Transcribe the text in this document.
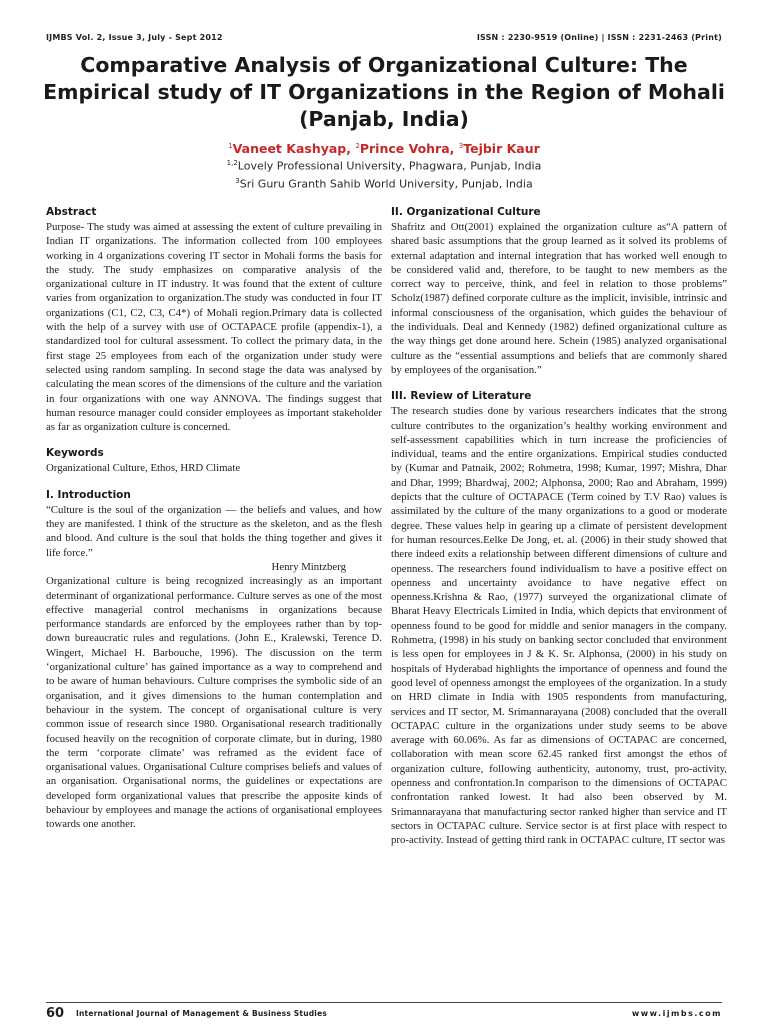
IJMBS Vol. 2, Issue 3, July - Sept 2012	ISSN : 2230-9519 (Online) | ISSN : 2231-2463 (Print)
Comparative Analysis of Organizational Culture: The Empirical study of IT Organizations in the Region of Mohali (Panjab, India)
$^1$Vaneet Kashyap, $^2$Prince Vohra, $^3$Tejbir Kaur
$^{1,2}$Lovely Professional University, Phagwara, Punjab, India
$^3$Sri Guru Granth Sahib World University, Punjab, India
Abstract

Purpose- The study was aimed at assessing the extent of culture prevailing in Indian IT organizations. The information collected from 100 employees working in 4 organizations covering IT sector in Mohali forms the basis for the study. The study emphasizes on comparative analysis of the organizational culture in IT industry. It was found that the extent of culture varies from organization to organization.The study was conducted in four IT organizations (C1, C2, C3, C4*) of Mohali region.Primary data is collected with the help of a survey with use of OCTAPACE profile (appendix-1), a standardized tool for cultural assessment. To collect the primary data, in the first stage 25 employees from each of the organization under study were selected using random sampling. In second stage the data was analysed by calculating the mean scores of the dimensions of the culture and the variation in four organizations with one way ANNOVA. The findings suggest that human resource manager could consider employees as important stakeholder as far as organization culture is concerned.

Keywords

Organizational Culture, Ethos, HRD Climate

I. Introduction

“Culture is the soul of the organization — the beliefs and values, and how they are manifested. I think of the structure as the skeleton, and as the flesh and blood. And culture is the soul that holds the thing together and gives it life force.”

Henry Mintzberg

Organizational culture is being recognized increasingly as an important determinant of organizational performance. Culture serves as one of the most effective managerial control mechanisms in organizations because performance standards are enforced by the employees rather than by top-down bureaucratic rules and regulations. (John E., Kralewski, Terence D. Wingert, Michael H. Barbouche, 1996). The discussion on the term ‘organizational culture’ has gained importance as a way to comprehend and to be aware of human behaviours. Culture comprises the symbolic side of an organisation, and it gives dimensions to the human contemplation and behaviour in the system. The concept of organisational culture is very common issue of research since 1980. Organisational research traditionally focused heavily on the recognition of corporate climate, but in during, 1980 the term ‘corporate climate’ was reframed as the evident face of organisational values. Organisational Culture comprises beliefs and values of an organisation. Organisational norms, the guidelines or expectations are developed form organizational values that prescribe the apposite kinds of behaviour by employees and manage the actions of organisational employees towards one another.

II. Organizational Culture

Shafritz and Ott(2001) explained the organization culture as“A pattern of shared basic assumptions that the group learned as it solved its problems of external adaptation and internal integration that has worked well enough to be considered valid and, therefore, to be taught to new members as the correct way to perceive, think, and feel in relation to those problems” Scholz(1987) defined corporate culture as the implicit, invisible, intrinsic and informal consciousness of the organisation, which guides the behaviour of the individuals. Deal and Kennedy (1982) defined organizational culture as the way things get done around here. Schein (1985) analyzed organisational culture as the “essential assumptions and beliefs that are commonly shared by employees of the organisation.”

III. Review of Literature

The research studies done by various researchers indicates that the strong culture contributes to the organization’s healthy working environment and self-assessment capabilities which in turn increase the proficiencies of individual, teams and the entire organizations. Empirical studies conducted by (Kumar and Patnaik, 2002; Rohmetra, 1998; Kumar, 1997; Mishra, Dhar and Dhar, 1999; Bhardwaj, 2002; Alphonsa, 2000; Rao and Abraham, 1999) depicts that the culture of OCTAPACE (Term coined by T.V Rao) values is assimilated by the culture of the many organizations to a good or moderate degree. These values help in gearing up a climate of persistent development for human resources.Eelke De Jong, et. al. (2006) in their study showed that there indeed exits a relationship between different dimensions of culture and openness. The researchers found individualism to have a positive effect on openness and uncertainty avoidance to have negative effect on openness.Krishna & Rao, (1977) surveyed the organizational climate of Bharat Heavy Electricals Limited in India, which depicts that environment of openness found to be good for middle and senior managers in the company. Rohmetra, (1998) in his study on banking sector concluded that environment is less open for employees in J & K. Sr. Alphonsa, (2000) in his study on hospitals of Hyderabad highlights the importance of openness and found the good level of openness amongst the employees of the organization. In a study on HRD climate in India with 1905 respondents from manufacturing, services and IT sector, M. Srimannarayana (2008) concluded that the overall OCTAPAC culture in the organizations under study seems to be above average with 60.06%. As far as dimensions of OCTAPAC are concerned, collaboration with mean score 62.45 ranked first amongst the ethos of organization culture, following authenticity, autonomy, trust, pro-activity, openness and confrontation.In comparison to the dimensions of OCTAPAC confrontation ranked lowest. It had also been observed by M. Srimannarayana that manufacturing sector ranked higher than service and IT sectors in OCTAPAC culture. Service sector is at first place with respect to pro-activity. Instead of getting third rank in OCTAPAC culture, IT sector was

60 International Journal of Management & Business Studies	www.ijmbs.com
